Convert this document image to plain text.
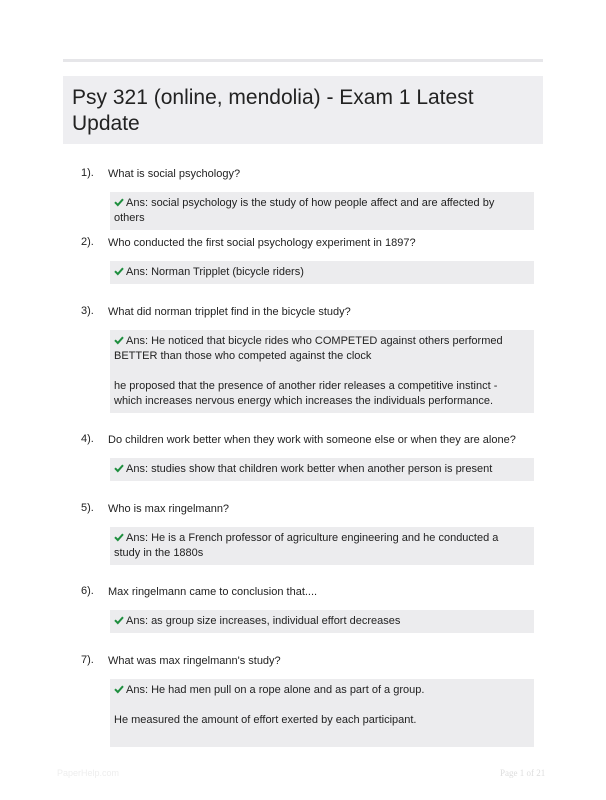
Psy 321 (online, mendolia) - Exam 1 Latest Update
1). What is social psychology?

Ans: social psychology is the study of how people affect and are affected by others

2). Who conducted the first social psychology experiment in 1897?

Ans: Norman Tripplet (bicycle riders)

3). What did norman tripplet find in the bicycle study?

Ans: He noticed that bicycle rides who COMPETED against others performed BETTER than those who competed against the clock

he proposed that the presence of another rider releases a competitive instinct - which increases nervous energy which increases the individuals performance.

4). Do children work better when they work with someone else or when they are alone?

Ans: studies show that children work better when another person is present

5). Who is max ringelmann?

Ans: He is a French professor of agriculture engineering and he conducted a study in the 1880s

6). Max ringelmann came to conclusion that....

Ans: as group size increases, individual effort decreases

7). What was max ringelmann's study?

Ans: He had men pull on a rope alone and as part of a group.

He measured the amount of effort exerted by each participant.

PaperHelp.com	Page 1 of 21
